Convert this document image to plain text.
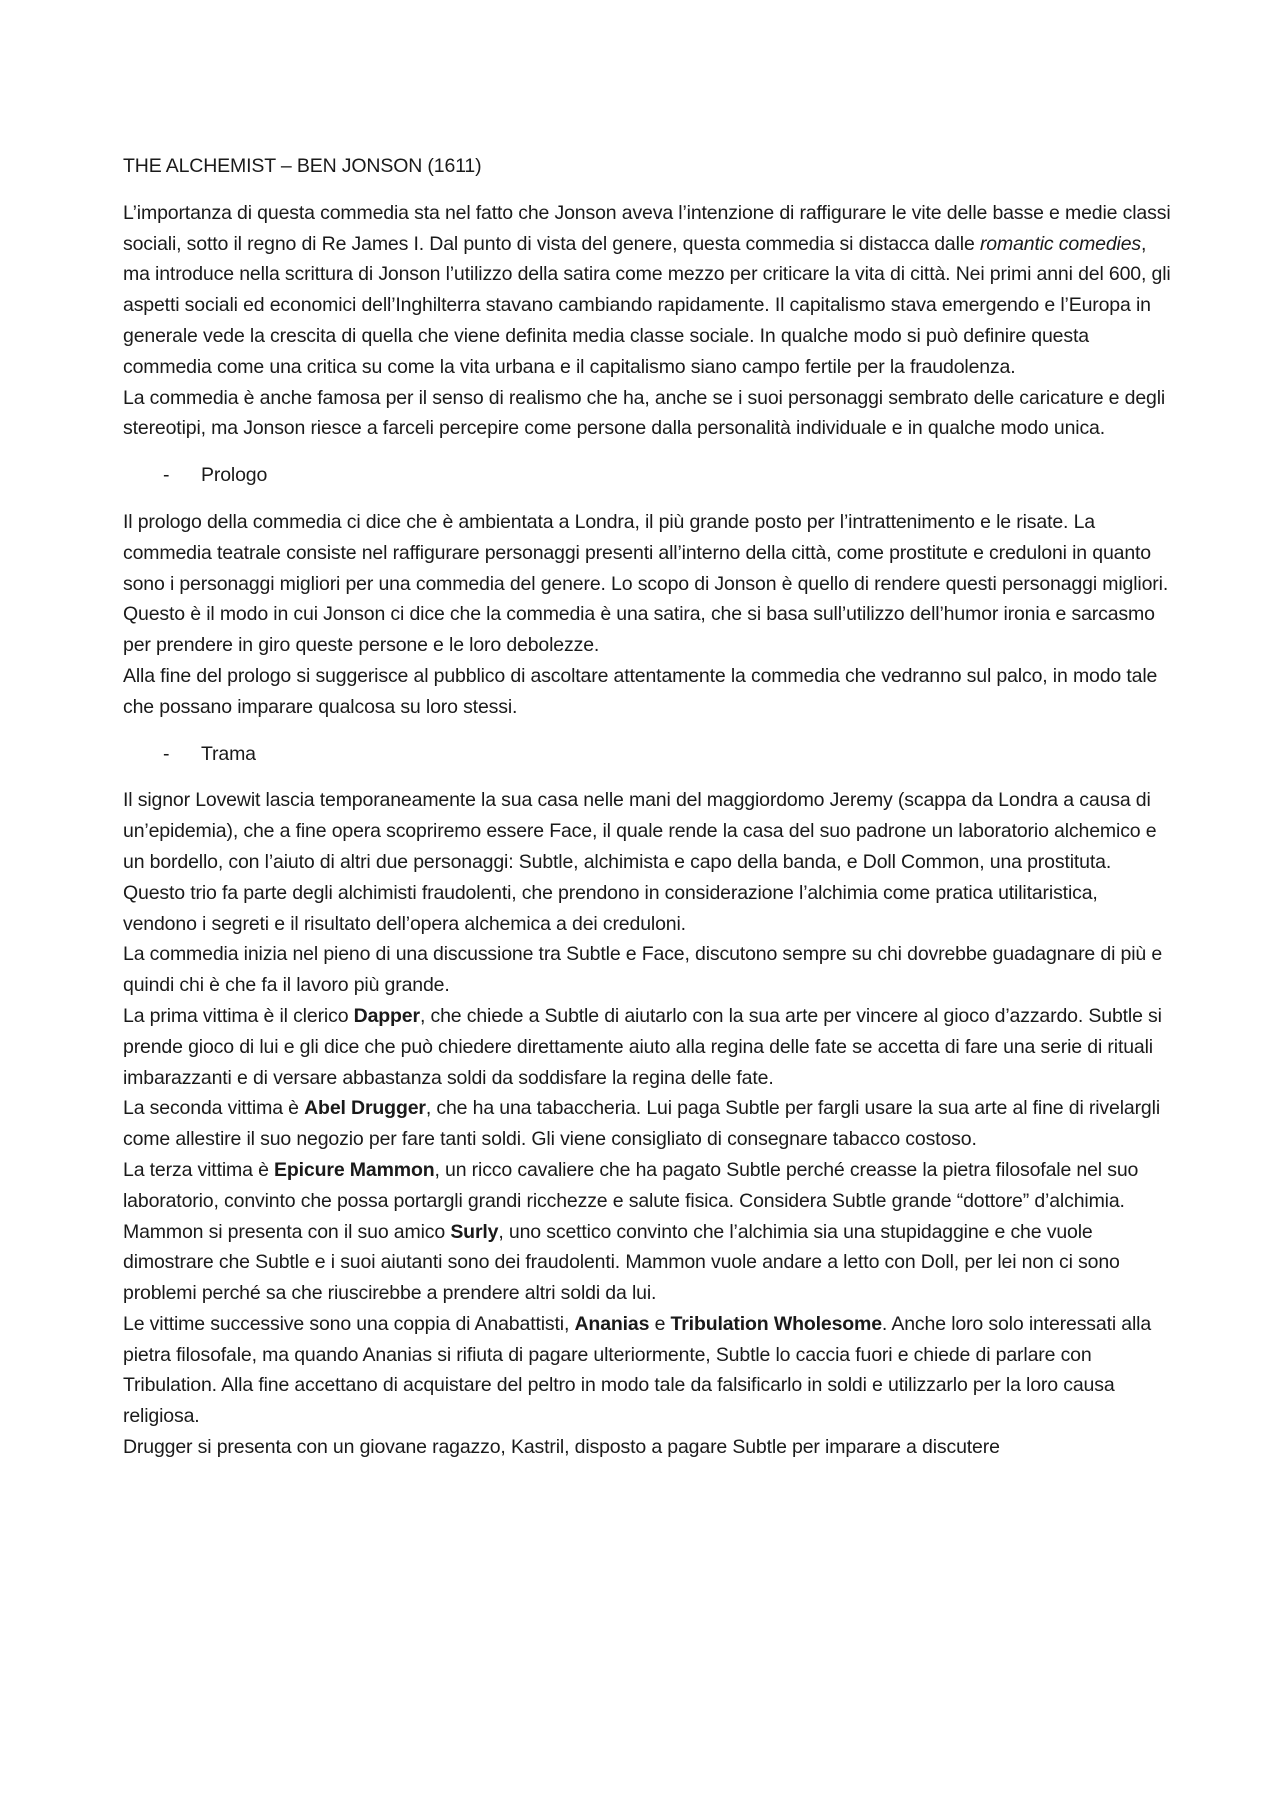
THE ALCHEMIST – BEN JONSON (1611)

L’importanza di questa commedia sta nel fatto che Jonson aveva l’intenzione di raffigurare le vite delle basse e medie classi sociali, sotto il regno di Re James I. Dal punto di vista del genere, questa commedia si distacca dalle romantic comedies, ma introduce nella scrittura di Jonson l’utilizzo della satira come mezzo per criticare la vita di città. Nei primi anni del 600, gli aspetti sociali ed economici dell’Inghilterra stavano cambiando rapidamente. Il capitalismo stava emergendo e l’Europa in generale vede la crescita di quella che viene definita media classe sociale. In qualche modo si può definire questa commedia come una critica su come la vita urbana e il capitalismo siano campo fertile per la fraudolenza.

La commedia è anche famosa per il senso di realismo che ha, anche se i suoi personaggi sembrato delle caricature e degli stereotipi, ma Jonson riesce a farceli percepire come persone dalla personalità individuale e in qualche modo unica.

- Prologo

Il prologo della commedia ci dice che è ambientata a Londra, il più grande posto per l’intrattenimento e le risate. La commedia teatrale consiste nel raffigurare personaggi presenti all’interno della città, come prostitute e creduloni in quanto sono i personaggi migliori per una commedia del genere. Lo scopo di Jonson è quello di rendere questi personaggi migliori. Questo è il modo in cui Jonson ci dice che la commedia è una satira, che si basa sull’utilizzo dell’humor ironia e sarcasmo per prendere in giro queste persone e le loro debolezze.

Alla fine del prologo si suggerisce al pubblico di ascoltare attentamente la commedia che vedranno sul palco, in modo tale che possano imparare qualcosa su loro stessi.

- Trama

Il signor Lovewit lascia temporaneamente la sua casa nelle mani del maggiordomo Jeremy (scappa da Londra a causa di un’epidemia), che a fine opera scopriremo essere Face, il quale rende la casa del suo padrone un laboratorio alchemico e un bordello, con l’aiuto di altri due personaggi: Subtle, alchimista e capo della banda, e Doll Common, una prostituta. Questo trio fa parte degli alchimisti fraudolenti, che prendono in considerazione l’alchimia come pratica utilitaristica, vendono i segreti e il risultato dell’opera alchemica a dei creduloni.

La commedia inizia nel pieno di una discussione tra Subtle e Face, discutono sempre su chi dovrebbe guadagnare di più e quindi chi è che fa il lavoro più grande.

La prima vittima è il clerico Dapper, che chiede a Subtle di aiutarlo con la sua arte per vincere al gioco d’azzardo. Subtle si prende gioco di lui e gli dice che può chiedere direttamente aiuto alla regina delle fate se accetta di fare una serie di rituali imbarazzanti e di versare abbastanza soldi da soddisfare la regina delle fate.

La seconda vittima è Abel Drugger, che ha una tabaccheria. Lui paga Subtle per fargli usare la sua arte al fine di rivelargli come allestire il suo negozio per fare tanti soldi. Gli viene consigliato di consegnare tabacco costoso.

La terza vittima è Epicure Mammon, un ricco cavaliere che ha pagato Subtle perché creasse la pietra filosofale nel suo laboratorio, convinto che possa portargli grandi ricchezze e salute fisica. Considera Subtle grande “dottore” d’alchimia. Mammon si presenta con il suo amico Surly, uno scettico convinto che l’alchimia sia una stupidaggine e che vuole dimostrare che Subtle e i suoi aiutanti sono dei fraudolenti. Mammon vuole andare a letto con Doll, per lei non ci sono problemi perché sa che riuscirebbe a prendere altri soldi da lui.

Le vittime successive sono una coppia di Anabattisti, Ananias e Tribulation Wholesome. Anche loro solo interessati alla pietra filosofale, ma quando Ananias si rifiuta di pagare ulteriormente, Subtle lo caccia fuori e chiede di parlare con Tribulation. Alla fine accettano di acquistare del peltro in modo tale da falsificarlo in soldi e utilizzarlo per la loro causa religiosa.

Drugger si presenta con un giovane ragazzo, Kastril, disposto a pagare Subtle per imparare a discutere
